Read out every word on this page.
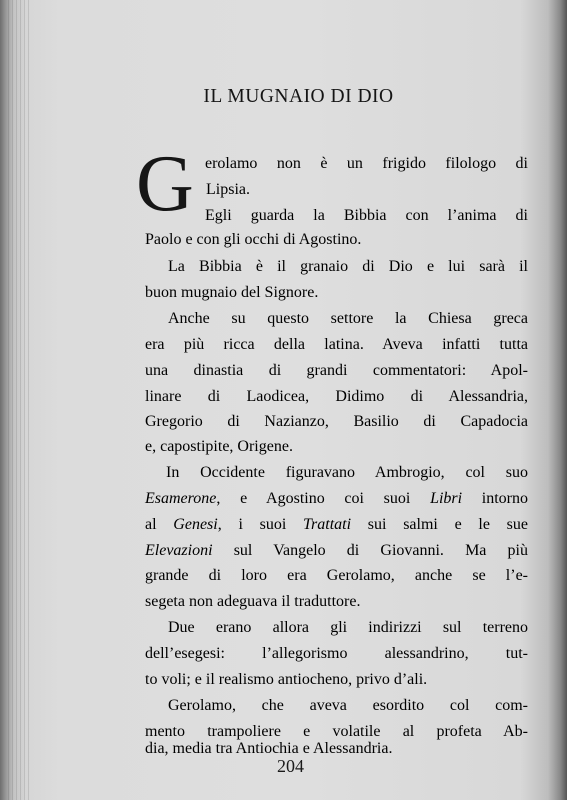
IL MUGNAIO DI DIO
G erolamo non è un frigido filologo di
Lipsia.
Egli guarda la Bibbia con l’anima di
Paolo e con gli occhi di Agostino.
La Bibbia è il granaio di Dio e lui sarà il
buon mugnaio del Signore.
Anche su questo settore la Chiesa greca
era più ricca della latina. Aveva infatti tutta
una dinastia di grandi commentatori: Apol-
linare di Laodicea, Didimo di Alessandria,
Gregorio di Nazianzo, Basilio di Capadocia
e, capostipite, Origene.
In Occidente figuravano Ambrogio, col suo
Esamerone, e Agostino coi suoi Libri intorno
al Genesi, i suoi Trattati sui salmi e le sue
Elevazioni sul Vangelo di Giovanni. Ma più
grande di loro era Gerolamo, anche se l’e-
segeta non adeguava il traduttore.
Due erano allora gli indirizzi sul terreno
dell’esegesi: l’allegorismo alessandrino, tut-
to voli; e il realismo antiocheno, privo d’ali.
Gerolamo, che aveva esordito col com-
mento trampoliere e volatile al profeta Ab-
dia, media tra Antiochia e Alessandria.
204
